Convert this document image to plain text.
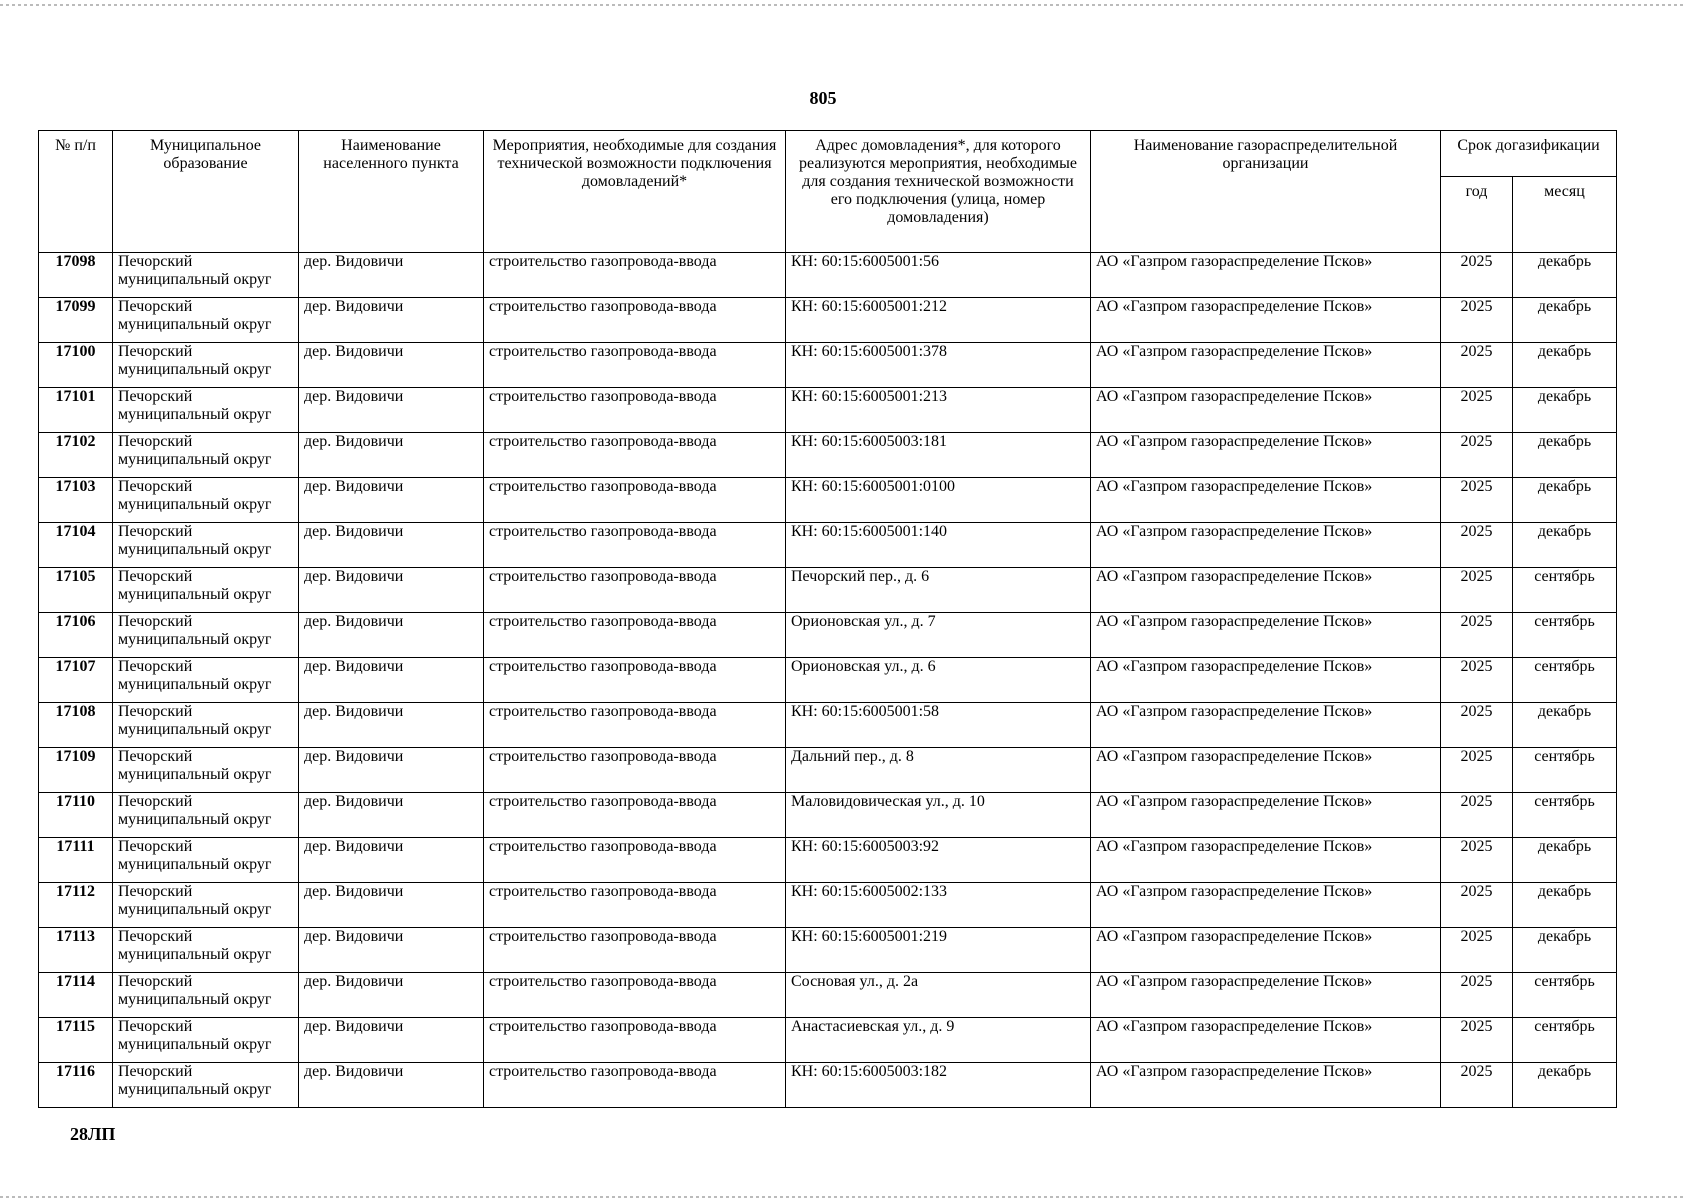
805
№ п/п	Муниципальное образование	Наименование населенного пункта	Мероприятия, необходимые для создания технической возможности подключения домовладений*	Адрес домовладения*, для которого реализуются мероприятия, необходимые для создания технической возможности его подключения (улица, номер домовладения)	Наименование газораспределительной организации	Срок догазификации	
						год	месяц
17098	Печорский муниципальный округ	дер. Видовичи	строительство газопровода-ввода	КН: 60:15:6005001:56	АО «Газпром газораспределение Псков»	2025	декабрь
17099	Печорский муниципальный округ	дер. Видовичи	строительство газопровода-ввода	КН: 60:15:6005001:212	АО «Газпром газораспределение Псков»	2025	декабрь
17100	Печорский муниципальный округ	дер. Видовичи	строительство газопровода-ввода	КН: 60:15:6005001:378	АО «Газпром газораспределение Псков»	2025	декабрь
17101	Печорский муниципальный округ	дер. Видовичи	строительство газопровода-ввода	КН: 60:15:6005001:213	АО «Газпром газораспределение Псков»	2025	декабрь
17102	Печорский муниципальный округ	дер. Видовичи	строительство газопровода-ввода	КН: 60:15:6005003:181	АО «Газпром газораспределение Псков»	2025	декабрь
17103	Печорский муниципальный округ	дер. Видовичи	строительство газопровода-ввода	КН: 60:15:6005001:0100	АО «Газпром газораспределение Псков»	2025	декабрь
17104	Печорский муниципальный округ	дер. Видовичи	строительство газопровода-ввода	КН: 60:15:6005001:140	АО «Газпром газораспределение Псков»	2025	декабрь
17105	Печорский муниципальный округ	дер. Видовичи	строительство газопровода-ввода	Печорский пер., д. 6	АО «Газпром газораспределение Псков»	2025	сентябрь
17106	Печорский муниципальный округ	дер. Видовичи	строительство газопровода-ввода	Орионовская ул., д. 7	АО «Газпром газораспределение Псков»	2025	сентябрь
17107	Печорский муниципальный округ	дер. Видовичи	строительство газопровода-ввода	Орионовская ул., д. 6	АО «Газпром газораспределение Псков»	2025	сентябрь
17108	Печорский муниципальный округ	дер. Видовичи	строительство газопровода-ввода	КН: 60:15:6005001:58	АО «Газпром газораспределение Псков»	2025	декабрь
17109	Печорский муниципальный округ	дер. Видовичи	строительство газопровода-ввода	Дальний пер., д. 8	АО «Газпром газораспределение Псков»	2025	сентябрь
17110	Печорский муниципальный округ	дер. Видовичи	строительство газопровода-ввода	Маловидовическая ул., д. 10	АО «Газпром газораспределение Псков»	2025	сентябрь
17111	Печорский муниципальный округ	дер. Видовичи	строительство газопровода-ввода	КН: 60:15:6005003:92	АО «Газпром газораспределение Псков»	2025	декабрь
17112	Печорский муниципальный округ	дер. Видовичи	строительство газопровода-ввода	КН: 60:15:6005002:133	АО «Газпром газораспределение Псков»	2025	декабрь
17113	Печорский муниципальный округ	дер. Видовичи	строительство газопровода-ввода	КН: 60:15:6005001:219	АО «Газпром газораспределение Псков»	2025	декабрь
17114	Печорский муниципальный округ	дер. Видовичи	строительство газопровода-ввода	Сосновая ул., д. 2а	АО «Газпром газораспределение Псков»	2025	сентябрь
17115	Печорский муниципальный округ	дер. Видовичи	строительство газопровода-ввода	Анастасиевская ул., д. 9	АО «Газпром газораспределение Псков»	2025	сентябрь
17116	Печорский муниципальный округ	дер. Видовичи	строительство газопровода-ввода	КН: 60:15:6005003:182	АО «Газпром газораспределение Псков»	2025	декабрь
28ЛП
